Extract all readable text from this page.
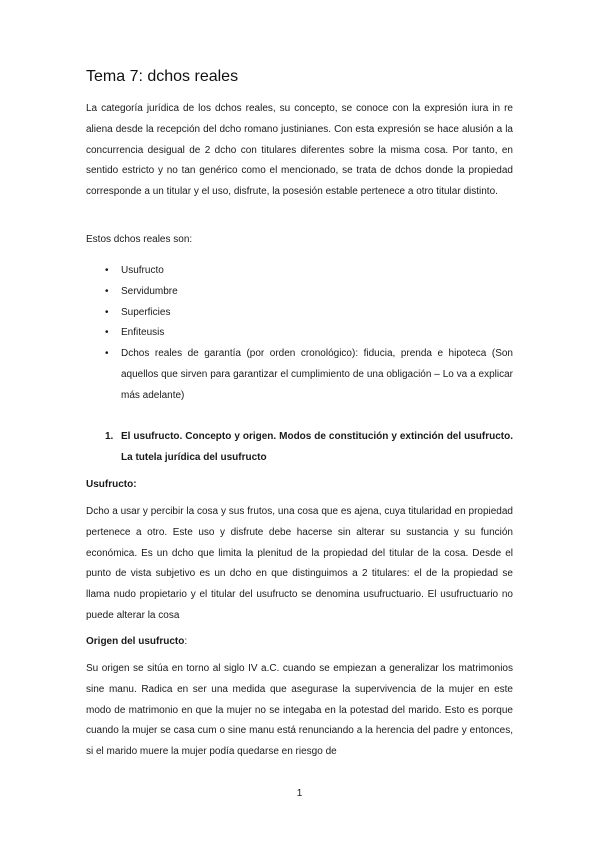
Tema 7: dchos reales
La categoría jurídica de los dchos reales, su concepto, se conoce con la expresión iura in re aliena desde la recepción del dcho romano justinianes. Con esta expresión se hace alusión a la concurrencia desigual de 2 dcho con titulares diferentes sobre la misma cosa. Por tanto, en sentido estricto y no tan genérico como el mencionado, se trata de dchos donde la propiedad corresponde a un titular y el uso, disfrute, la posesión estable pertenece a otro titular distinto.
Estos dchos reales son:
• Usufructo
• Servidumbre
• Superficies
• Enfiteusis
• Dchos reales de garantía (por orden cronológico): fiducia, prenda e hipoteca (Son aquellos que sirven para garantizar el cumplimiento de una obligación – Lo va a explicar más adelante)
1. El usufructo. Concepto y origen. Modos de constitución y extinción del usufructo. La tutela jurídica del usufructo
Usufructo:
Dcho a usar y percibir la cosa y sus frutos, una cosa que es ajena, cuya titularidad en propiedad pertenece a otro. Este uso y disfrute debe hacerse sin alterar su sustancia y su función económica. Es un dcho que limita la plenitud de la propiedad del titular de la cosa. Desde el punto de vista subjetivo es un dcho en que distinguimos a 2 titulares: el de la propiedad se llama nudo propietario y el titular del usufructo se denomina usufructuario. El usufructuario no puede alterar la cosa
Origen del usufructo:
Su origen se sitúa en torno al siglo IV a.C. cuando se empiezan a generalizar los matrimonios sine manu. Radica en ser una medida que asegurase la supervivencia de la mujer en este modo de matrimonio en que la mujer no se integaba en la potestad del marido. Esto es porque cuando la mujer se casa cum o sine manu está renunciando a la herencia del padre y entonces, si el marido muere la mujer podía quedarse en riesgo de
1
